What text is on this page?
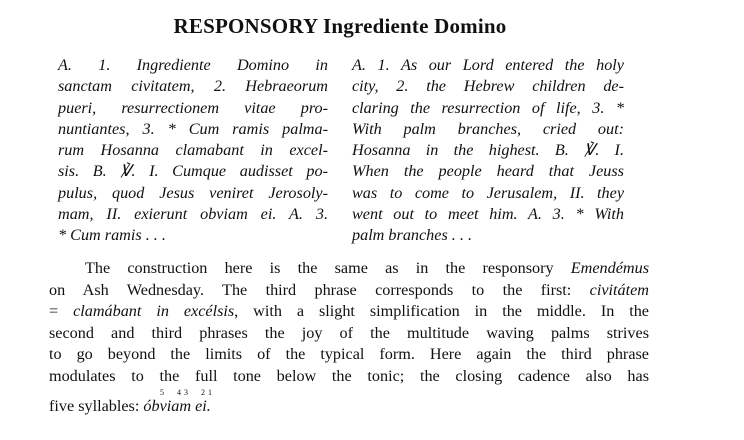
RESPONSORY Ingrediente Domino
A. 1. Ingrediente Domino in
sanctam civitatem, 2. Hebraeorum
pueri, resurrectionem vitae pro-
nuntiantes, 3. * Cum ramis palma-
rum Hosanna clamabant in excel-
sis. B. ℣. I. Cumque audisset po-
pulus, quod Jesus veniret Jerosoly-
mam, II. exierunt obviam ei. A. 3.
* Cum ramis . . .
A. 1. As our Lord entered the holy
city, 2. the Hebrew children de-
claring the resurrection of life, 3. *
With palm branches, cried out:
Hosanna in the highest. B. ℣. I.
When the people heard that Jeuss
was to come to Jerusalem, II. they
went out to meet him. A. 3. * With
palm branches . . .
The construction here is the same as in the responsory Emendémus
on Ash Wednesday. The third phrase corresponds to the first: civitátem
= clamábant in excélsis, with a slight simplification in the middle. In the
second and third phrases the joy of the multitude waving palms strives
to go beyond the limits of the typical form. Here again the third phrase
modulates to the full tone below the tonic; the closing cadence also has
five syllables: óbviam ei.
5     4 3     2 1
